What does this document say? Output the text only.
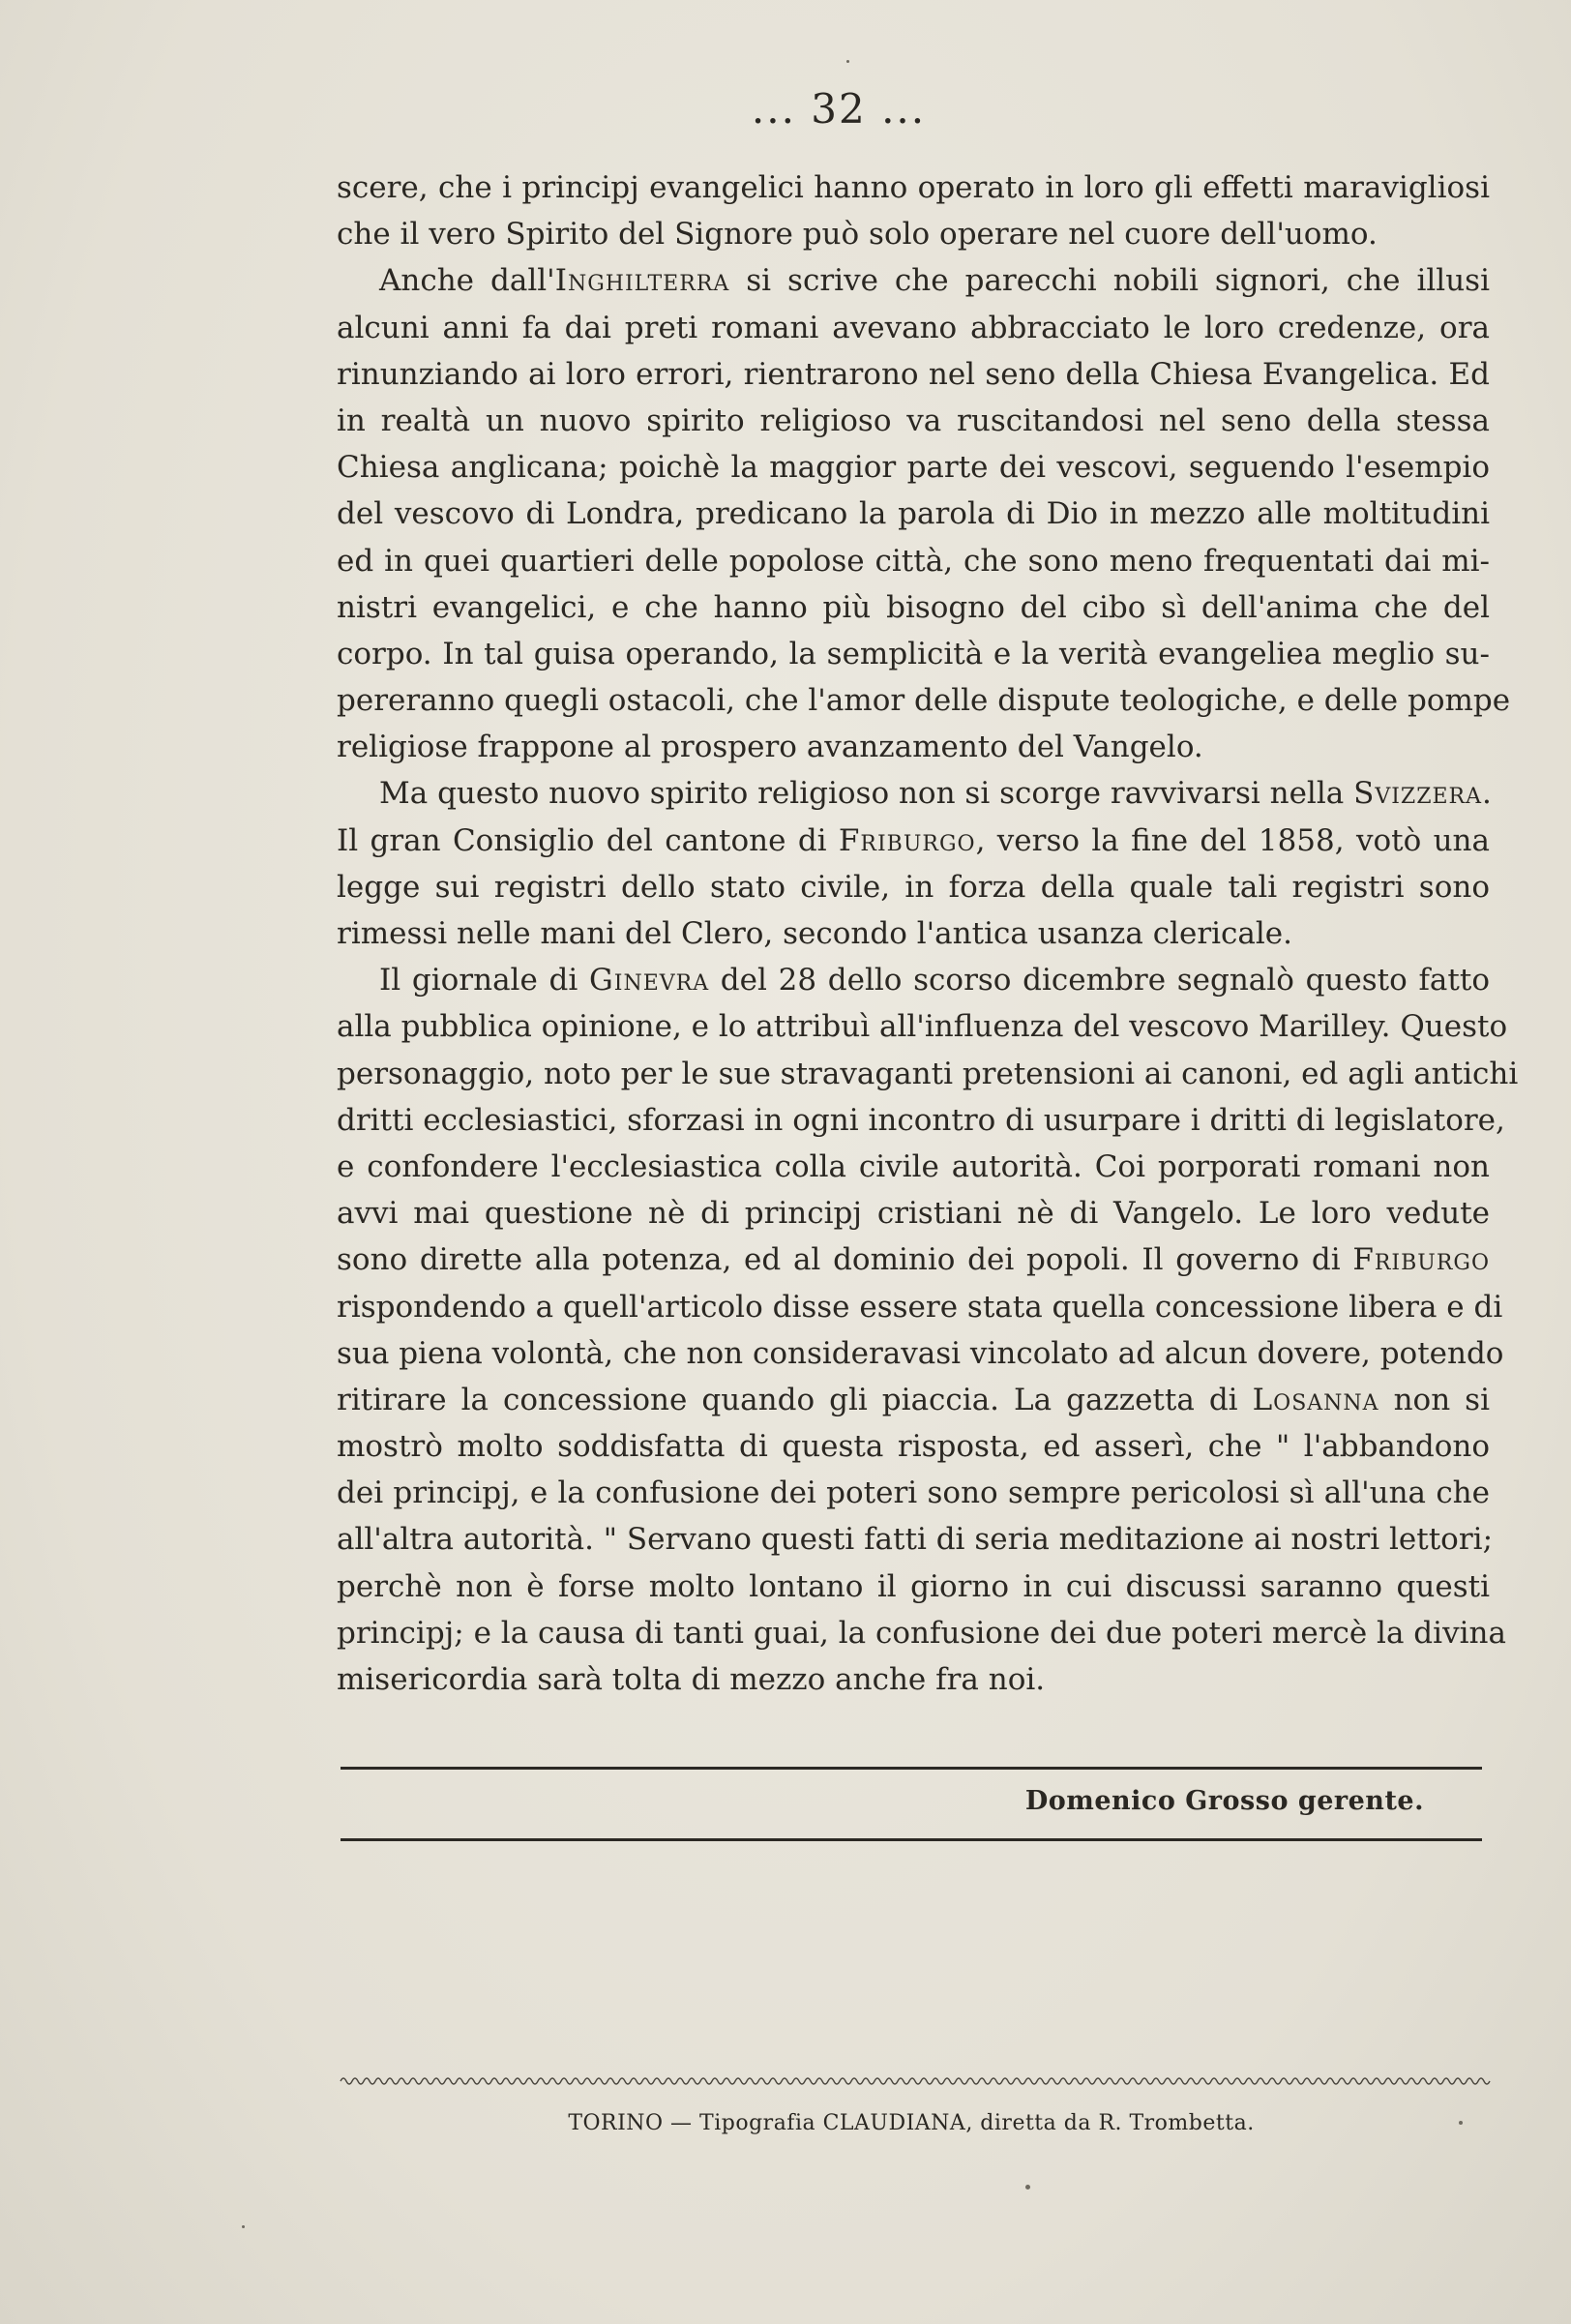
... 32 ...
scere, che i principj evangelici hanno operato in loro gli effetti maravigliosi
che il vero Spirito del Signore può solo operare nel cuore dell'uomo.
Anche dall'Inghilterra si scrive che parecchi nobili signori, che illusi
alcuni anni fa dai preti romani avevano abbracciato le loro credenze, ora
rinunziando ai loro errori, rientrarono nel seno della Chiesa Evangelica. Ed
in realtà un nuovo spirito religioso va ruscitandosi nel seno della stessa
Chiesa anglicana; poichè la maggior parte dei vescovi, seguendo l'esempio
del vescovo di Londra, predicano la parola di Dio in mezzo alle moltitudini
ed in quei quartieri delle popolose città, che sono meno frequentati dai mi-
nistri evangelici, e che hanno più bisogno del cibo sì dell'anima che del
corpo. In tal guisa operando, la semplicità e la verità evangeliea meglio su-
pereranno quegli ostacoli, che l'amor delle dispute teologiche, e delle pompe
religiose frappone al prospero avanzamento del Vangelo.
Ma questo nuovo spirito religioso non si scorge ravvivarsi nella Svizzera.
Il gran Consiglio del cantone di Friburgo, verso la fine del 1858, votò una
legge sui registri dello stato civile, in forza della quale tali registri sono
rimessi nelle mani del Clero, secondo l'antica usanza clericale.
Il giornale di Ginevra del 28 dello scorso dicembre segnalò questo fatto
alla pubblica opinione, e lo attribuì all'influenza del vescovo Marilley. Questo
personaggio, noto per le sue stravaganti pretensioni ai canoni, ed agli antichi
dritti ecclesiastici, sforzasi in ogni incontro di usurpare i dritti di legislatore,
e confondere l'ecclesiastica colla civile autorità. Coi porporati romani non
avvi mai questione nè di principj cristiani nè di Vangelo. Le loro vedute
sono dirette alla potenza, ed al dominio dei popoli. Il governo di Friburgo
rispondendo a quell'articolo disse essere stata quella concessione libera e di
sua piena volontà, che non consideravasi vincolato ad alcun dovere, potendo
ritirare la concessione quando gli piaccia. La gazzetta di Losanna non si
mostrò molto soddisfatta di questa risposta, ed asserì, che " l'abbandono
dei principj, e la confusione dei poteri sono sempre pericolosi sì all'una che
all'altra autorità. " Servano questi fatti di seria meditazione ai nostri lettori;
perchè non è forse molto lontano il giorno in cui discussi saranno questi
principj; e la causa di tanti guai, la confusione dei due poteri mercè la divina
misericordia sarà tolta di mezzo anche fra noi.
Domenico Grosso gerente.
TORINO — Tipografia CLAUDIANA, diretta da R. Trombetta.
